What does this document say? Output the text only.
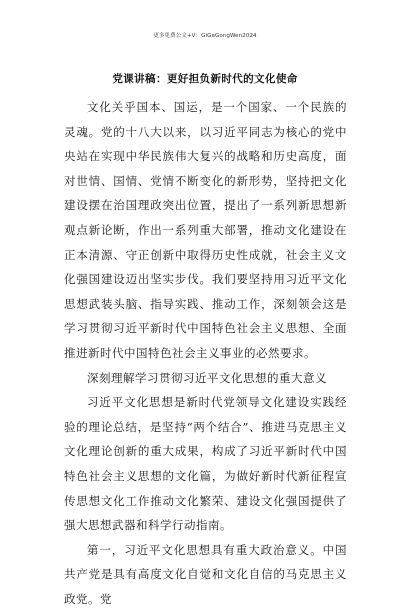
更多免费公文+V：GiGeGongWen2024
党课讲稿：更好担负新时代的文化使命

文化关乎国本、国运，是一个国家、一个民族的灵魂。党的十八大以来，以习近平同志为核心的党中央站在实现中华民族伟大复兴的战略和历史高度，面对世情、国情、党情不断变化的新形势，坚持把文化建设摆在治国理政突出位置，提出了一系列新思想新观点新论断，作出一系列重大部署，推动文化建设在正本清源、守正创新中取得历史性成就，社会主义文化强国建设迈出坚实步伐。我们要坚持用习近平文化思想武装头脑、指导实践、推动工作，深刻领会这是学习贯彻习近平新时代中国特色社会主义思想、全面推进新时代中国特色社会主义事业的必然要求。

深刻理解学习贯彻习近平文化思想的重大意义

习近平文化思想是新时代党领导文化建设实践经验的理论总结，是坚持“两个结合”、推进马克思主义文化理论创新的重大成果，构成了习近平新时代中国特色社会主义思想的文化篇，为做好新时代新征程宣传思想文化工作推动文化繁荣、建设文化强国提供了强大思想武器和科学行动指南。

第一，习近平文化思想具有重大政治意义。中国共产党是具有高度文化自觉和文化自信的马克思主义政党。党
